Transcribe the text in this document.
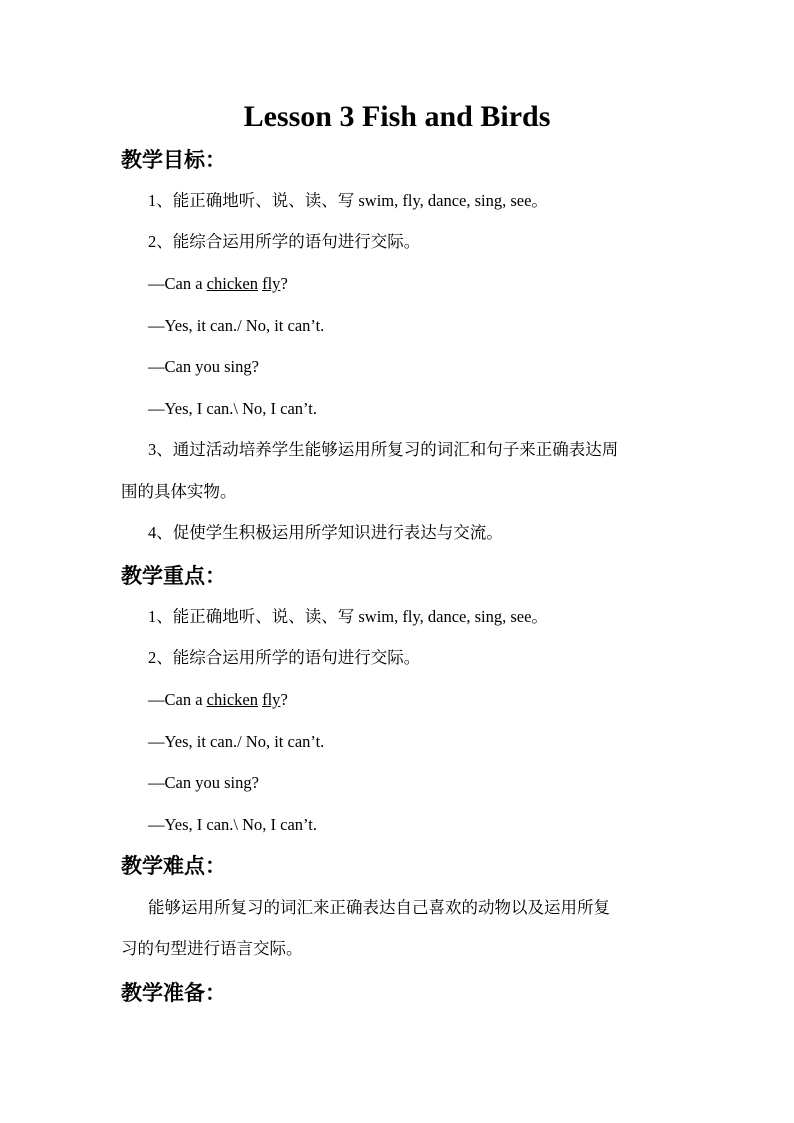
Lesson 3 Fish and Birds
教学目标：

1、能正确地听、说、读、写 swim, fly, dance, sing, see。

2、能综合运用所学的语句进行交际。

—Can a chicken fly?

—Yes, it can./ No, it can’t.

—Can you sing?

—Yes, I can.\ No, I can’t.

3、通过活动培养学生能够运用所复习的词汇和句子来正确表达周

围的具体实物。

4、促使学生积极运用所学知识进行表达与交流。

教学重点：

1、能正确地听、说、读、写 swim, fly, dance, sing, see。

2、能综合运用所学的语句进行交际。

—Can a chicken fly?

—Yes, it can./ No, it can’t.

—Can you sing?

—Yes, I can.\ No, I can’t.

教学难点：

能够运用所复习的词汇来正确表达自己喜欢的动物以及运用所复

习的句型进行语言交际。

教学准备：
